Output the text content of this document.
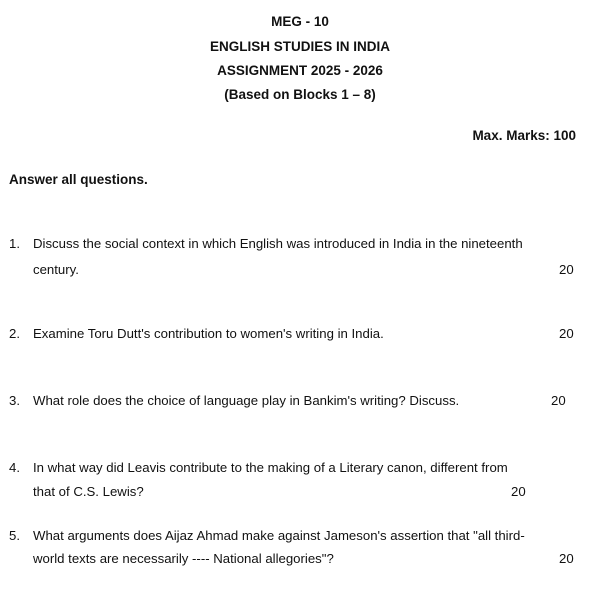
MEG - 10
ENGLISH STUDIES IN INDIA
ASSIGNMENT 2025 - 2026
(Based on Blocks 1 – 8)
Max. Marks: 100
Answer all questions.
1. Discuss the social context in which English was introduced in India in the nineteenth
century.	20
2. Examine Toru Dutt's contribution to women's writing in India.	20
3. What role does the choice of language play in Bankim's writing? Discuss.	20
4. In what way did Leavis contribute to the making of a Literary canon, different from
that of C.S. Lewis?	20
5. What arguments does Aijaz Ahmad make against Jameson's assertion that "all third-
world texts are necessarily ---- National allegories"?	20
